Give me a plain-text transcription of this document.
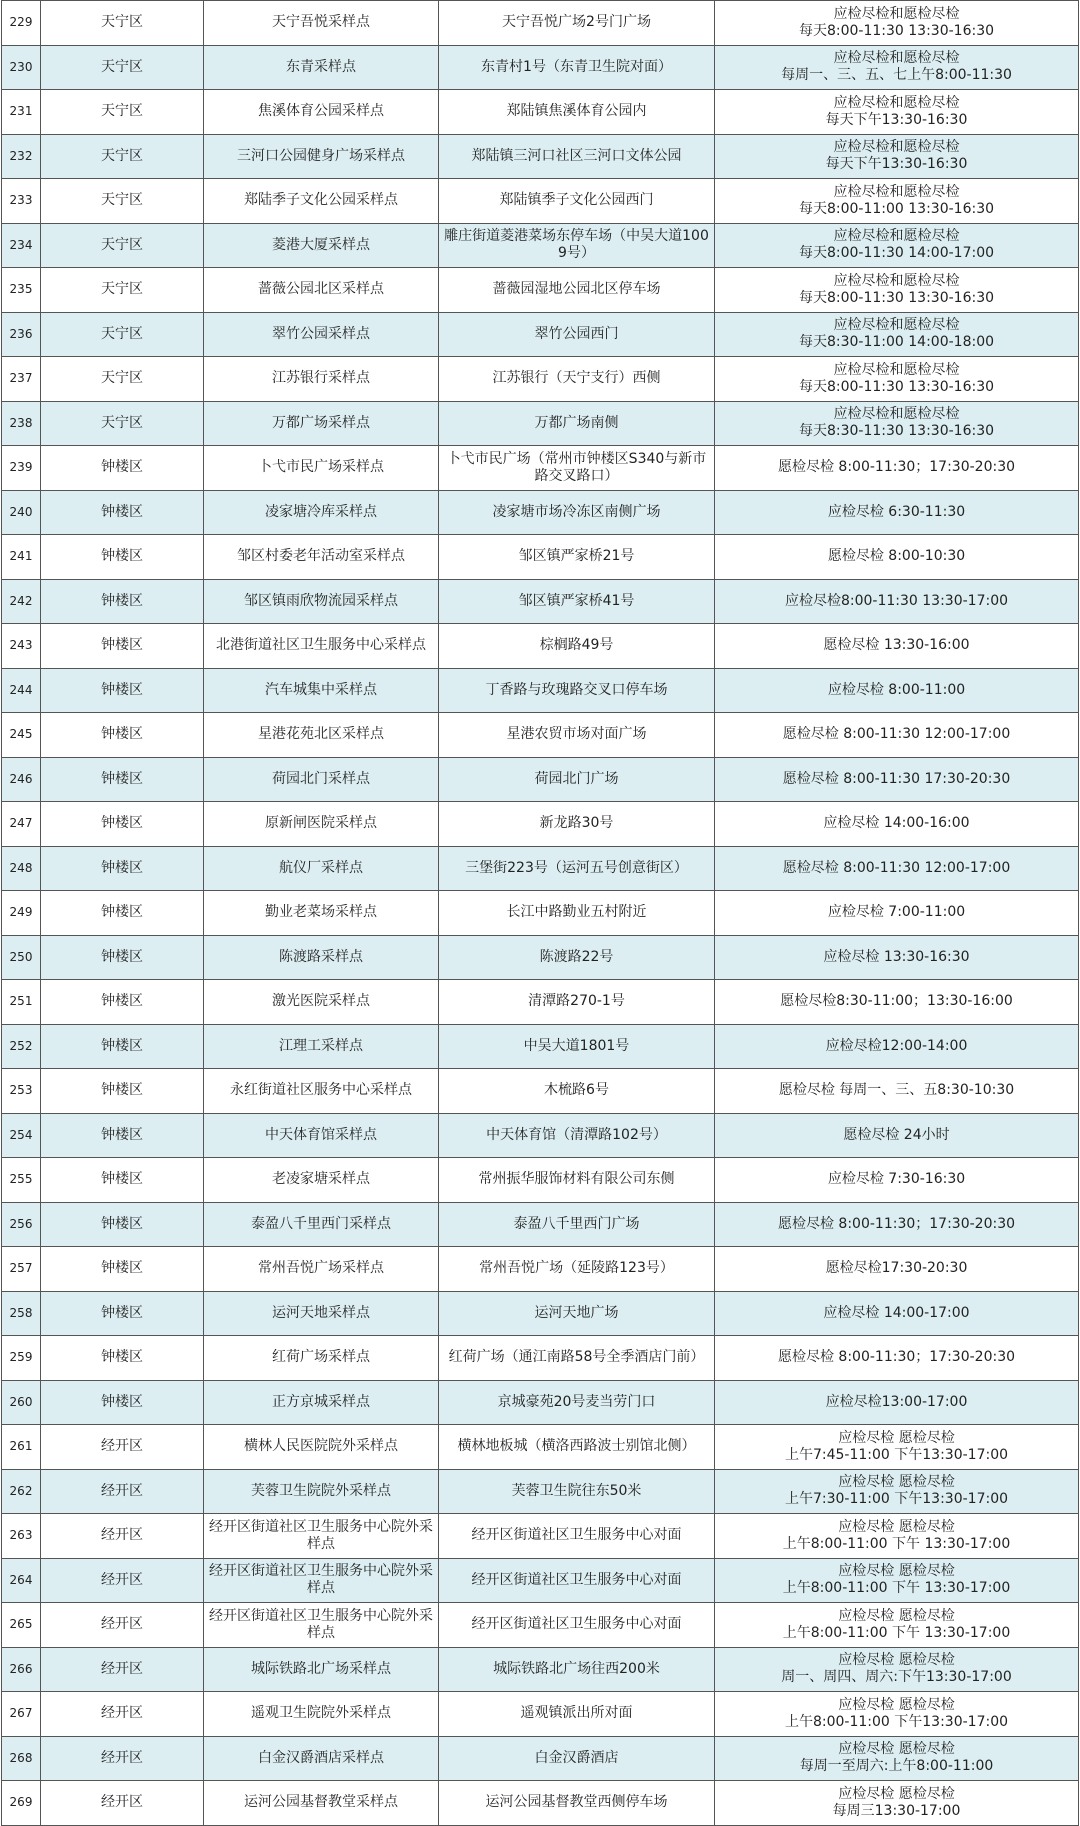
229	天宁区	天宁吾悦采样点	天宁吾悦广场2号门广场	应检尽检和愿检尽检
每天8:00-11:30 13:30-16:30

230	天宁区	东青采样点	东青村1号（东青卫生院对面）	应检尽检和愿检尽检
每周一、三、五、七上午8:00-11:30

231	天宁区	焦溪体育公园采样点	郑陆镇焦溪体育公园内	应检尽检和愿检尽检
每天下午13:30-16:30

232	天宁区	三河口公园健身广场采样点	郑陆镇三河口社区三河口文体公园	应检尽检和愿检尽检
每天下午13:30-16:30

233	天宁区	郑陆季子文化公园采样点	郑陆镇季子文化公园西门	应检尽检和愿检尽检
每天8:00-11:00 13:30-16:30

234	天宁区	菱港大厦采样点	雕庄街道菱港菜场东停车场（中吴大道1009号）	应检尽检和愿检尽检
每天8:00-11:30 14:00-17:00

235	天宁区	蔷薇公园北区采样点	蔷薇园湿地公园北区停车场	应检尽检和愿检尽检
每天8:00-11:30 13:30-16:30

236	天宁区	翠竹公园采样点	翠竹公园西门	应检尽检和愿检尽检
每天8:30-11:00 14:00-18:00

237	天宁区	江苏银行采样点	江苏银行（天宁支行）西侧	应检尽检和愿检尽检
每天8:00-11:30 13:30-16:30

238	天宁区	万都广场采样点	万都广场南侧	应检尽检和愿检尽检
每天8:30-11:30 13:30-16:30

239	钟楼区	卜弋市民广场采样点	卜弋市民广场（常州市钟楼区S340与新市路交叉路口）	愿检尽检 8:00-11:30；17:30-20:30

240	钟楼区	凌家塘冷库采样点	凌家塘市场冷冻区南侧广场	应检尽检 6:30-11:30

241	钟楼区	邹区村委老年活动室采样点	邹区镇严家桥21号	愿检尽检 8:00-10:30

242	钟楼区	邹区镇雨欣物流园采样点	邹区镇严家桥41号	应检尽检8:00-11:30 13:30-17:00

243	钟楼区	北港街道社区卫生服务中心采样点	棕榈路49号	愿检尽检 13:30-16:00

244	钟楼区	汽车城集中采样点	丁香路与玫瑰路交叉口停车场	应检尽检 8:00-11:00

245	钟楼区	星港花苑北区采样点	星港农贸市场对面广场	愿检尽检 8:00-11:30 12:00-17:00

246	钟楼区	荷园北门采样点	荷园北门广场	愿检尽检 8:00-11:30 17:30-20:30

247	钟楼区	原新闸医院采样点	新龙路30号	应检尽检 14:00-16:00

248	钟楼区	航仪厂采样点	三堡街223号（运河五号创意街区）	愿检尽检 8:00-11:30 12:00-17:00

249	钟楼区	勤业老菜场采样点	长江中路勤业五村附近	应检尽检 7:00-11:00

250	钟楼区	陈渡路采样点	陈渡路22号	应检尽检 13:30-16:30

251	钟楼区	激光医院采样点	清潭路270-1号	愿检尽检8:30-11:00；13:30-16:00

252	钟楼区	江理工采样点	中吴大道1801号	应检尽检12:00-14:00

253	钟楼区	永红街道社区服务中心采样点	木梳路6号	愿检尽检 每周一、三、五8:30-10:30

254	钟楼区	中天体育馆采样点	中天体育馆（清潭路102号）	愿检尽检 24小时

255	钟楼区	老凌家塘采样点	常州振华服饰材料有限公司东侧	应检尽检 7:30-16:30

256	钟楼区	泰盈八千里西门采样点	泰盈八千里西门广场	愿检尽检 8:00-11:30；17:30-20:30

257	钟楼区	常州吾悦广场采样点	常州吾悦广场（延陵路123号）	愿检尽检17:30-20:30

258	钟楼区	运河天地采样点	运河天地广场	应检尽检 14:00-17:00

259	钟楼区	红荷广场采样点	红荷广场（通江南路58号全季酒店门前）	愿检尽检 8:00-11:30；17:30-20:30

260	钟楼区	正方京城采样点	京城豪苑20号麦当劳门口	应检尽检13:00-17:00

261	经开区	横林人民医院院外采样点	横林地板城（横洛西路波士别馆北侧）	应检尽检 愿检尽检
上午7:45-11:00 下午13:30-17:00

262	经开区	芙蓉卫生院院外采样点	芙蓉卫生院往东50米	应检尽检 愿检尽检
上午7:30-11:00 下午13:30-17:00

263	经开区	经开区街道社区卫生服务中心院外采样点	经开区街道社区卫生服务中心对面	应检尽检 愿检尽检
上午8:00-11:00 下午 13:30-17:00

264	经开区	经开区街道社区卫生服务中心院外采样点	经开区街道社区卫生服务中心对面	应检尽检 愿检尽检
上午8:00-11:00 下午 13:30-17:00

265	经开区	经开区街道社区卫生服务中心院外采样点	经开区街道社区卫生服务中心对面	应检尽检 愿检尽检
上午8:00-11:00 下午 13:30-17:00

266	经开区	城际铁路北广场采样点	城际铁路北广场往西200米	应检尽检 愿检尽检
周一、周四、周六:下午13:30-17:00

267	经开区	遥观卫生院院外采样点	遥观镇派出所对面	应检尽检 愿检尽检
上午8:00-11:00 下午13:30-17:00

268	经开区	白金汉爵酒店采样点	白金汉爵酒店	应检尽检 愿检尽检
每周一至周六:上午8:00-11:00

269	经开区	运河公园基督教堂采样点	运河公园基督教堂西侧停车场	应检尽检 愿检尽检
每周三13:30-17:00
